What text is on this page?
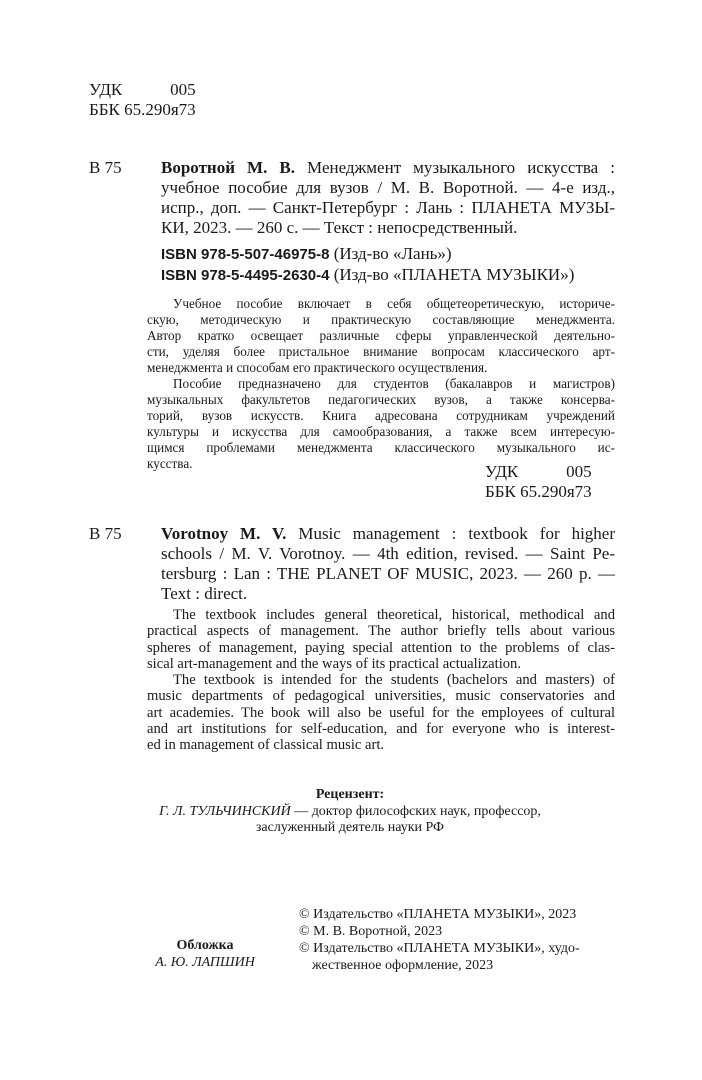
УДК 005
ББК 65.290я73
В 75 Воротной М. В. Менеджмент музыкального искусства :
учебное пособие для вузов / М. В. Воротной. — 4-е изд.,
испр., доп. — Санкт-Петербург : Лань : ПЛАНЕТА МУЗЫ-
КИ, 2023. — 260 с. — Текст : непосредственный.
ISBN 978-5-507-46975-8 (Изд-во «Лань»)
ISBN 978-5-4495-2630-4 (Изд-во «ПЛАНЕТА МУЗЫКИ»)
Учебное пособие включает в себя общетеоретическую, историче-
скую, методическую и практическую составляющие менеджмента.
Автор кратко освещает различные сферы управленческой деятельно-
сти, уделяя более пристальное внимание вопросам классического арт-
менеджмента и способам его практического осуществления.
Пособие предназначено для студентов (бакалавров и магистров)
музыкальных факультетов педагогических вузов, а также консерва-
торий, вузов искусств. Книга адресована сотрудникам учреждений
культуры и искусства для самообразования, а также всем интересую-
щимся проблемами менеджмента классического музыкального ис-
кусства.	УДК 005
ББК 65.290я73
В 75 Vorotnoy M. V. Music management : textbook for higher
schools / M. V. Vorotnoy. — 4th edition, revised. — Saint Pe-
tersburg : Lan : THE PLANET OF MUSIC, 2023. — 260 p. —
Text : direct.
The textbook includes general theoretical, historical, methodical and
practical aspects of management. The author briefly tells about various
spheres of management, paying special attention to the problems of clas-
sical art-management and the ways of its practical actualization.
The textbook is intended for the students (bachelors and masters) of
music departments of pedagogical universities, music conservatories and
art academies. The book will also be useful for the employees of cultural
and art institutions for self-education, and for everyone who is interest-
ed in management of classical music art.
Рецензент:
Г. Л. ТУЛЬЧИНСКИЙ — доктор философских наук, профессор,
заслуженный деятель науки РФ
Обложка
А. Ю. ЛАПШИН
© Издательство «ПЛАНЕТА МУЗЫКИ», 2023
© М. В. Воротной, 2023
© Издательство «ПЛАНЕТА МУЗЫКИ», худо-
жественное оформление, 2023
